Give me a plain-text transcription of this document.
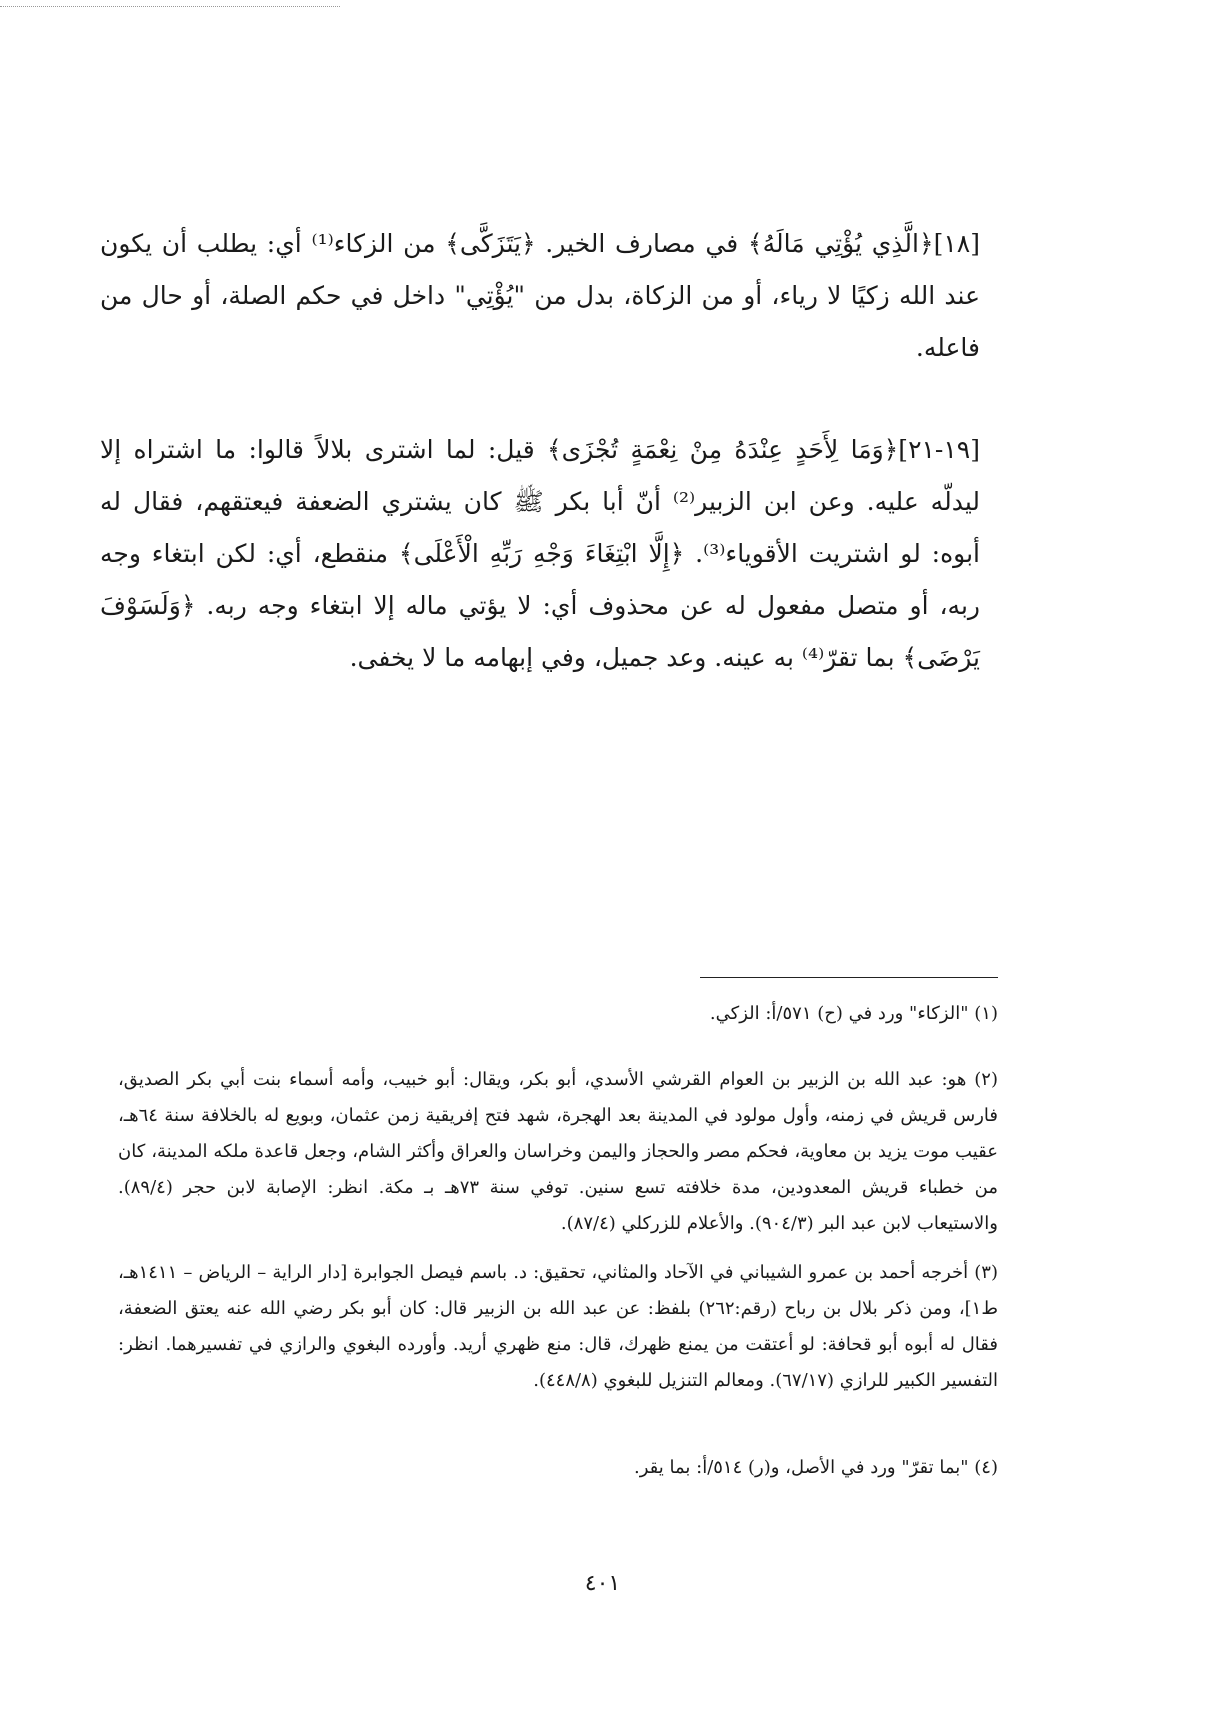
[١٨]﴿الَّذِي يُؤْتِي مَالَهُ﴾ في مصارف الخير. ﴿يَتَزَكَّى﴾ من الزكاء⁽¹⁾ أي: يطلب أن يكون عند الله زكيًا لا رياء، أو من الزكاة، بدل من "يُؤْتِي" داخل في حكم الصلة، أو حال من فاعله.

[١٩-٢١]﴿وَمَا لِأَحَدٍ عِنْدَهُ مِنْ نِعْمَةٍ تُجْزَى﴾ قيل: لما اشترى بلالاً قالوا: ما اشتراه إلا ليدلّه عليه. وعن ابن الزبير⁽²⁾ أنّ أبا بكر ﷺ كان يشتري الضعفة فيعتقهم، فقال له أبوه: لو اشتريت الأقوياء⁽³⁾. ﴿إِلَّا ابْتِغَاءَ وَجْهِ رَبِّهِ الْأَعْلَى﴾ منقطع، أي: لكن ابتغاء وجه ربه، أو متصل مفعول له عن محذوف أي: لا يؤتي ماله إلا ابتغاء وجه ربه. ﴿وَلَسَوْفَ يَرْضَى﴾ بما تقرّ⁽⁴⁾ به عينه. وعد جميل، وفي إبهامه ما لا يخفى.

(١) "الزكاء" ورد في (ح) ٥٧١/أ: الزكي.

(٢) هو: عبد الله بن الزبير بن العوام القرشي الأسدي، أبو بكر، ويقال: أبو خبيب، وأمه أسماء بنت أبي بكر الصديق، فارس قريش في زمنه، وأول مولود في المدينة بعد الهجرة، شهد فتح إفريقية زمن عثمان، وبويع له بالخلافة سنة ٦٤هـ، عقيب موت يزيد بن معاوية، فحكم مصر والحجاز واليمن وخراسان والعراق وأكثر الشام، وجعل قاعدة ملكه المدينة، كان من خطباء قريش المعدودين، مدة خلافته تسع سنين. توفي سنة ٧٣هـ بـ مكة. انظر: الإصابة لابن حجر (٨٩/٤). والاستيعاب لابن عبد البر (٩٠٤/٣). والأعلام للزركلي (٨٧/٤).

(٣) أخرجه أحمد بن عمرو الشيباني في الآحاد والمثاني، تحقيق: د. باسم فيصل الجوابرة [دار الراية – الرياض – ١٤١١هـ، ط١]، ومن ذكر بلال بن رباح (رقم:٢٦٢) بلفظ: عن عبد الله بن الزبير قال: كان أبو بكر رضي الله عنه يعتق الضعفة، فقال له أبوه أبو قحافة: لو أعتقت من يمنع ظهرك، قال: منع ظهري أريد. وأورده البغوي والرازي في تفسيرهما. انظر: التفسير الكبير للرازي (٦٧/١٧). ومعالم التنزيل للبغوي (٤٤٨/٨).

(٤) "بما تقرّ" ورد في الأصل، و(ر) ٥١٤/أ: بما يقر.

٤٠١
